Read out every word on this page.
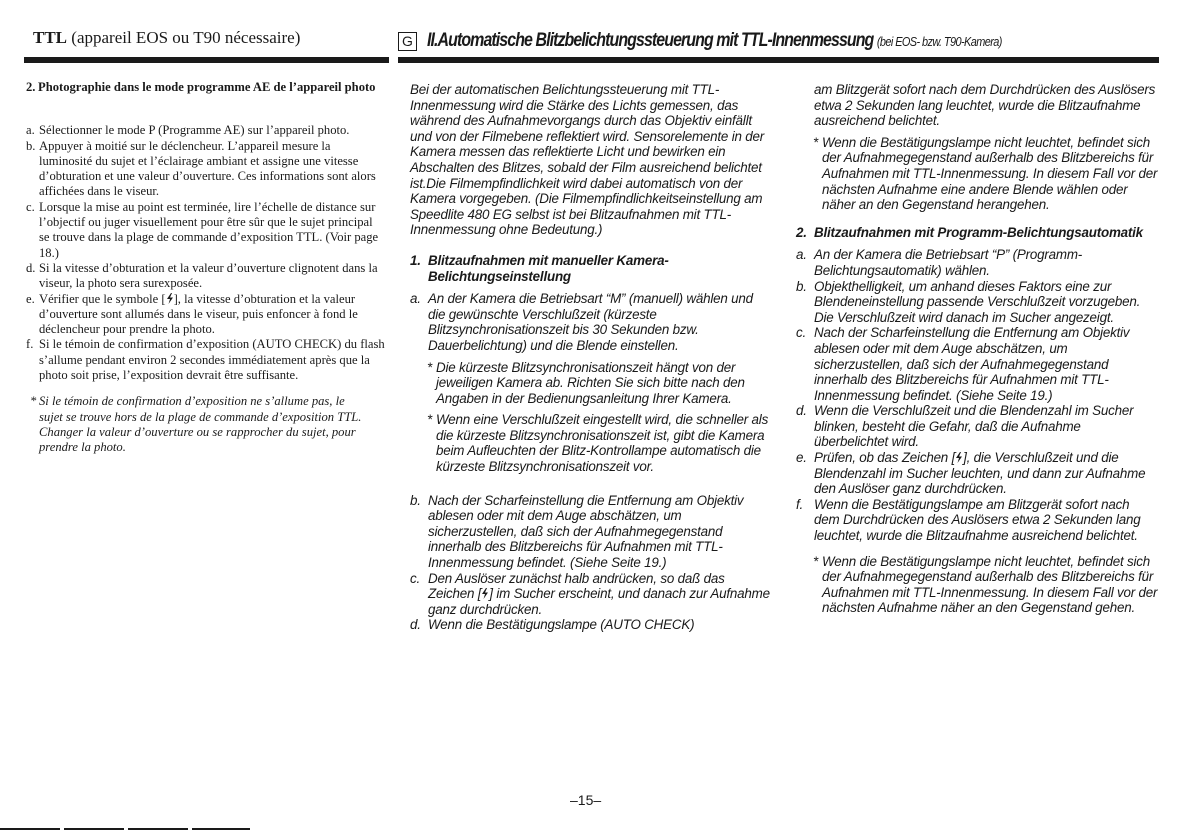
TTL (appareil EOS ou T90 nécessaire)
2. Photographie dans le mode programme AE de l’appareil photo
a. Sélectionner le mode P (Programme AE) sur l’appareil photo.
b. Appuyer à moitié sur le déclencheur. L’appareil mesure la luminosité du sujet et l’éclairage ambiant et assigne une vitesse d’obturation et une valeur d’ouverture. Ces informations sont alors affichées dans le viseur.
c. Lorsque la mise au point est terminée, lire l’échelle de distance sur l’objectif ou juger visuellement pour être sûr que le sujet principal se trouve dans la plage de commande d’exposition TTL. (Voir page 18.)
d. Si la vitesse d’obturation et la valeur d’ouverture clignotent dans la viseur, la photo sera surexposée.
e. Vérifier que le symbole [ ], la vitesse d’obturation et la valeur d’ouverture sont allumés dans le viseur, puis enfoncer à fond le déclencheur pour prendre la photo.
f. Si le témoin de confirmation d’exposition (AUTO CHECK) du flash s’allume pendant environ 2 secondes immédiatement après que la photo soit prise, l’exposition devrait être suffisante.
* Si le témoin de confirmation d’exposition ne s’allume pas, le sujet se trouve hors de la plage de commande d’exposition TTL. Changer la valeur d’ouverture ou se rapprocher du sujet, pour prendre la photo.
G II.Automatische Blitzbelichtungssteuerung mit TTL-Innenmessung (bei EOS- bzw. T90-Kamera)

Bei der automatischen Belichtungssteuerung mit TTL-Innenmessung wird die Stärke des Lichts gemessen, das während des Aufnahmevorgangs durch das Objektiv einfällt und von der Filmebene reflektiert wird. Sensorelemente in der Kamera messen das reflektierte Licht und bewirken ein Abschalten des Blitzes, sobald der Film ausreichend belichtet ist.Die Filmempfindlichkeit wird dabei automatisch von der Kamera vorgegeben. (Die Filmempfindlichkeitseinstellung am Speedlite 480 EG selbst ist bei Blitzaufnahmen mit TTL-Innenmessung ohne Bedeutung.)

1. Blitzaufnahmen mit manueller Kamera-Belichtungseinstellung
a. An der Kamera die Betriebsart “M” (manuell) wählen und die gewünschte Verschlußzeit (kürzeste Blitzsynchronisationszeit bis 30 Sekunden bzw. Dauerbelichtung) und die Blende einstellen.
* Die kürzeste Blitzsynchronisationszeit hängt von der jeweiligen Kamera ab. Richten Sie sich bitte nach den Angaben in der Bedienungsanleitung Ihrer Kamera.
* Wenn eine Verschlußzeit eingestellt wird, die schneller als die kürzeste Blitzsynchronisationszeit ist, gibt die Kamera beim Aufleuchten der Blitz-Kontrollampe automatisch die kürzeste Blitzsynchronisationszeit vor.
b. Nach der Scharfeinstellung die Entfernung am Objektiv ablesen oder mit dem Auge abschätzen, um sicherzustellen, daß sich der Aufnahmegegenstand innerhalb des Blitzbereichs für Aufnahmen mit TTL-Innenmessung befindet. (Siehe Seite 19.)
c. Den Auslöser zunächst halb andrücken, so daß das Zeichen [ ] im Sucher erscheint, und danach zur Aufnahme ganz durchdrücken.
d. Wenn die Bestätigungslampe (AUTO CHECK)
am Blitzgerät sofort nach dem Durchdrücken des Auslösers etwa 2 Sekunden lang leuchtet, wurde die Blitzaufnahme ausreichend belichtet.
* Wenn die Bestätigungslampe nicht leuchtet, befindet sich der Aufnahmegegenstand außerhalb des Blitzbereichs für Aufnahmen mit TTL-Innenmessung. In diesem Fall vor der nächsten Aufnahme eine andere Blende wählen oder näher an den Gegenstand herangehen.
2. Blitzaufnahmen mit Programm-Belichtungsautomatik
a. An der Kamera die Betriebsart “P” (Programm-Belichtungsautomatik) wählen.
b. Objekthelligkeit, um anhand dieses Faktors eine zur Blendeneinstellung passende Verschlußzeit vorzugeben. Die Verschlußzeit wird danach im Sucher angezeigt.
c. Nach der Scharfeinstellung die Entfernung am Objektiv ablesen oder mit dem Auge abschätzen, um sicherzustellen, daß sich der Aufnahmegegenstand innerhalb des Blitzbereichs für Aufnahmen mit TTL-Innenmessung befindet. (Siehe Seite 19.)
d. Wenn die Verschlußzeit und die Blendenzahl im Sucher blinken, besteht die Gefahr, daß die Aufnahme überbelichtet wird.
e. Prüfen, ob das Zeichen [ ], die Verschlußzeit und die Blendenzahl im Sucher leuchten, und dann zur Aufnahme den Auslöser ganz durchdrücken.
f. Wenn die Bestätigungslampe am Blitzgerät sofort nach dem Durchdrücken des Auslösers etwa 2 Sekunden lang leuchtet, wurde die Blitzaufnahme ausreichend belichtet.
* Wenn die Bestätigungslampe nicht leuchtet, befindet sich der Aufnahmegegenstand außerhalb des Blitzbereichs für Aufnahmen mit TTL-Innenmessung. In diesem Fall vor der nächsten Aufnahme näher an den Gegenstand gehen.
–15–
